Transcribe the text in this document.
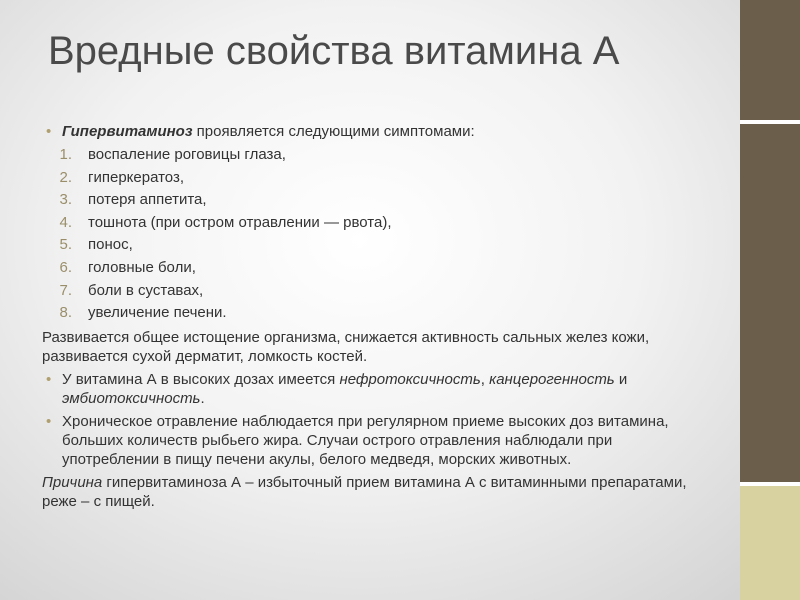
Вредные свойства витамина А

• Гипервитаминоз проявляется следующими симптомами:

1. воспаление роговицы глаза,
2. гиперкератоз,
3. потеря аппетита,
4. тошнота (при остром отравлении — рвота),
5. понос,
6. головные боли,
7. боли в суставах,
8. увеличение печени.

Развивается общее истощение организма, снижается активность сальных желез кожи, развивается сухой дерматит, ломкость костей.

• У витамина А в высоких дозах имеется нефротоксичность, канцерогенность и эмбиотоксичность.

• Хроническое отравление наблюдается при регулярном приеме высоких доз витамина, больших количеств рыбьего жира. Случаи острого отравления наблюдали при употреблении в пищу печени акулы, белого медведя, морских животных.

Причина гипервитаминоза А – избыточный прием витамина А с витаминными препаратами, реже – с пищей.
